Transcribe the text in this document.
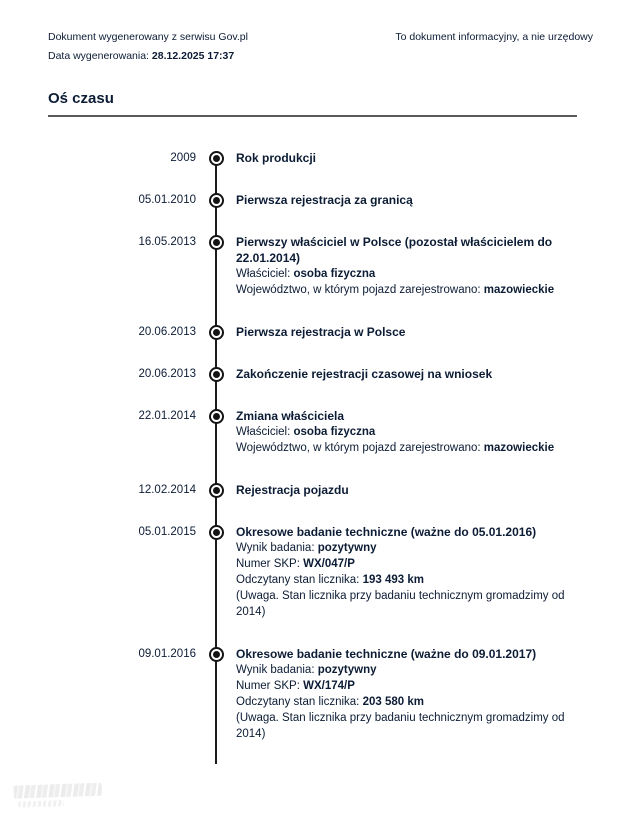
Dokument wygenerowany z serwisu Gov.pl	To dokument informacyjny, a nie urzędowy
Data wygenerowania: 28.12.2025 17:37
Oś czasu
2009	Rok produkcji
05.01.2010	Pierwsza rejestracja za granicą
16.05.2013	Pierwszy właściciel w Polsce (pozostał właścicielem do 22.01.2014)
Właściciel: osoba fizyczna
Województwo, w którym pojazd zarejestrowano: mazowieckie
20.06.2013	Pierwsza rejestracja w Polsce
20.06.2013	Zakończenie rejestracji czasowej na wniosek
22.01.2014	Zmiana właściciela
Właściciel: osoba fizyczna
Województwo, w którym pojazd zarejestrowano: mazowieckie
12.02.2014	Rejestracja pojazdu
05.01.2015	Okresowe badanie techniczne (ważne do 05.01.2016)
Wynik badania: pozytywny
Numer SKP: WX/047/P
Odczytany stan licznika: 193 493 km
(Uwaga. Stan licznika przy badaniu technicznym gromadzimy od 2014)
09.01.2016	Okresowe badanie techniczne (ważne do 09.01.2017)
Wynik badania: pozytywny
Numer SKP: WX/174/P
Odczytany stan licznika: 203 580 km
(Uwaga. Stan licznika przy badaniu technicznym gromadzimy od 2014)
